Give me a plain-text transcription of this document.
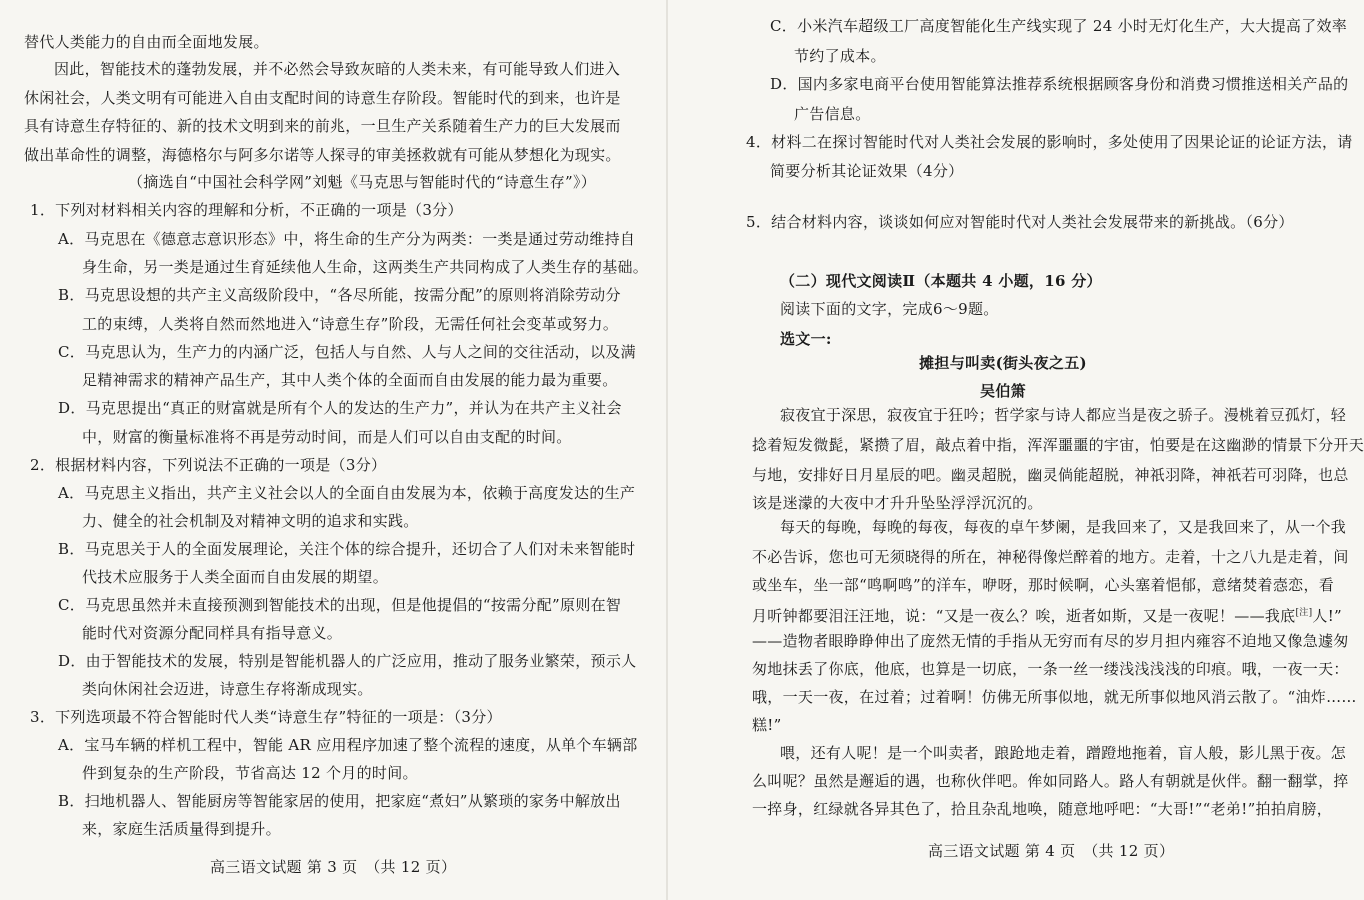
替代人类能力的自由而全面地发展。
因此，智能技术的蓬勃发展，并不必然会导致灰暗的人类未来，有可能导致人们进入
休闲社会，人类文明有可能进入自由支配时间的诗意生存阶段。智能时代的到来，也许是
具有诗意生存特征的、新的技术文明到来的前兆，一旦生产关系随着生产力的巨大发展而
做出革命性的调整，海德格尔与阿多尔诺等人探寻的审美拯救就有可能从梦想化为现实。
（摘选自“中国社会科学网”刘魁《马克思与智能时代的“诗意生存”》）
1．下列对材料相关内容的理解和分析，不正确的一项是（3分）
A．马克思在《德意志意识形态》中，将生命的生产分为两类：一类是通过劳动维持自
身生命，另一类是通过生育延续他人生命，这两类生产共同构成了人类生存的基础。
B．马克思设想的共产主义高级阶段中，“各尽所能，按需分配”的原则将消除劳动分
工的束缚，人类将自然而然地进入“诗意生存”阶段，无需任何社会变革或努力。
C．马克思认为，生产力的内涵广泛，包括人与自然、人与人之间的交往活动，以及满
足精神需求的精神产品生产，其中人类个体的全面而自由发展的能力最为重要。
D．马克思提出“真正的财富就是所有个人的发达的生产力”，并认为在共产主义社会
中，财富的衡量标准将不再是劳动时间，而是人们可以自由支配的时间。
2．根据材料内容，下列说法不正确的一项是（3分）
A．马克思主义指出，共产主义社会以人的全面自由发展为本，依赖于高度发达的生产
力、健全的社会机制及对精神文明的追求和实践。
B．马克思关于人的全面发展理论，关注个体的综合提升，还切合了人们对未来智能时
代技术应服务于人类全面而自由发展的期望。
C．马克思虽然并未直接预测到智能技术的出现，但是他提倡的“按需分配”原则在智
能时代对资源分配同样具有指导意义。
D．由于智能技术的发展，特别是智能机器人的广泛应用，推动了服务业繁荣，预示人
类向休闲社会迈进，诗意生存将渐成现实。
3．下列选项最不符合智能时代人类“诗意生存”特征的一项是：（3分）
A．宝马车辆的样机工程中，智能 AR 应用程序加速了整个流程的速度，从单个车辆部
件到复杂的生产阶段，节省高达 12 个月的时间。
B．扫地机器人、智能厨房等智能家居的使用，把家庭“煮妇”从繁琐的家务中解放出
来，家庭生活质量得到提升。
高三语文试题 第 3 页　（共 12 页）
C．小米汽车超级工厂高度智能化生产线实现了 24 小时无灯化生产，大大提高了效率
节约了成本。
D．国内多家电商平台使用智能算法推荐系统根据顾客身份和消费习惯推送相关产品的
广告信息。
4．材料二在探讨智能时代对人类社会发展的影响时，多处使用了因果论证的论证方法，请
简要分析其论证效果（4分）
5．结合材料内容，谈谈如何应对智能时代对人类社会发展带来的新挑战。（6分）
（二）现代文阅读Ⅱ（本题共 4 小题，16 分）
阅读下面的文字，完成6～9题。
选文一:
摊担与叫卖(街头夜之五)
吴伯箫
寂夜宜于深思，寂夜宜于狂吟；哲学家与诗人都应当是夜之骄子。漫桃着豆孤灯，轻
捻着短发微髭，紧攒了眉，敲点着中指，浑浑噩噩的宇宙，怕要是在这幽渺的情景下分开天
与地，安排好日月星辰的吧。幽灵超脱，幽灵倘能超脱，神祇羽降，神祇若可羽降，也总
该是迷濛的大夜中才升升坠坠浮浮沉沉的。
每天的每晚，每晚的每夜，每夜的卓午梦阑，是我回来了，又是我回来了，从一个我
不必告诉，您也可无须晓得的所在，神秘得像烂醉着的地方。走着，十之八九是走着，间
或坐车，坐一部“鸣啊鸣”的洋车，咿呀，那时候啊，心头塞着悒郁，意绪焚着悫恋，看
月听钟都要泪汪汪地，说：“又是一夜么？唉，逝者如斯，又是一夜呢！——我底[注]人!”
——造物者眼睁睁伸出了庞然无情的手指从无穷而有尽的岁月担内雍容不迫地又像急遽匆
匆地抹丢了你底，他底，也算是一切底，一条一丝一缕浅浅浅浅的印痕。哦，一夜一天：
哦，一天一夜，在过着；过着啊！仿佛无所事似地，就无所事似地风消云散了。“油炸……
糕!”
喂，还有人呢！是一个叫卖者，踉跄地走着，蹭蹬地拖着，盲人般，影儿黑于夜。怎
么叫呢？虽然是邂逅的遇，也称伙伴吧。侔如同路人。路人有朝就是伙伴。翻一翻掌，捽
一捽身，红绿就各异其色了，拾且杂乱地唤，随意地呼吧：“大哥!”“老弟!”拍拍肩膀，
高三语文试题 第 4 页　（共 12 页）
